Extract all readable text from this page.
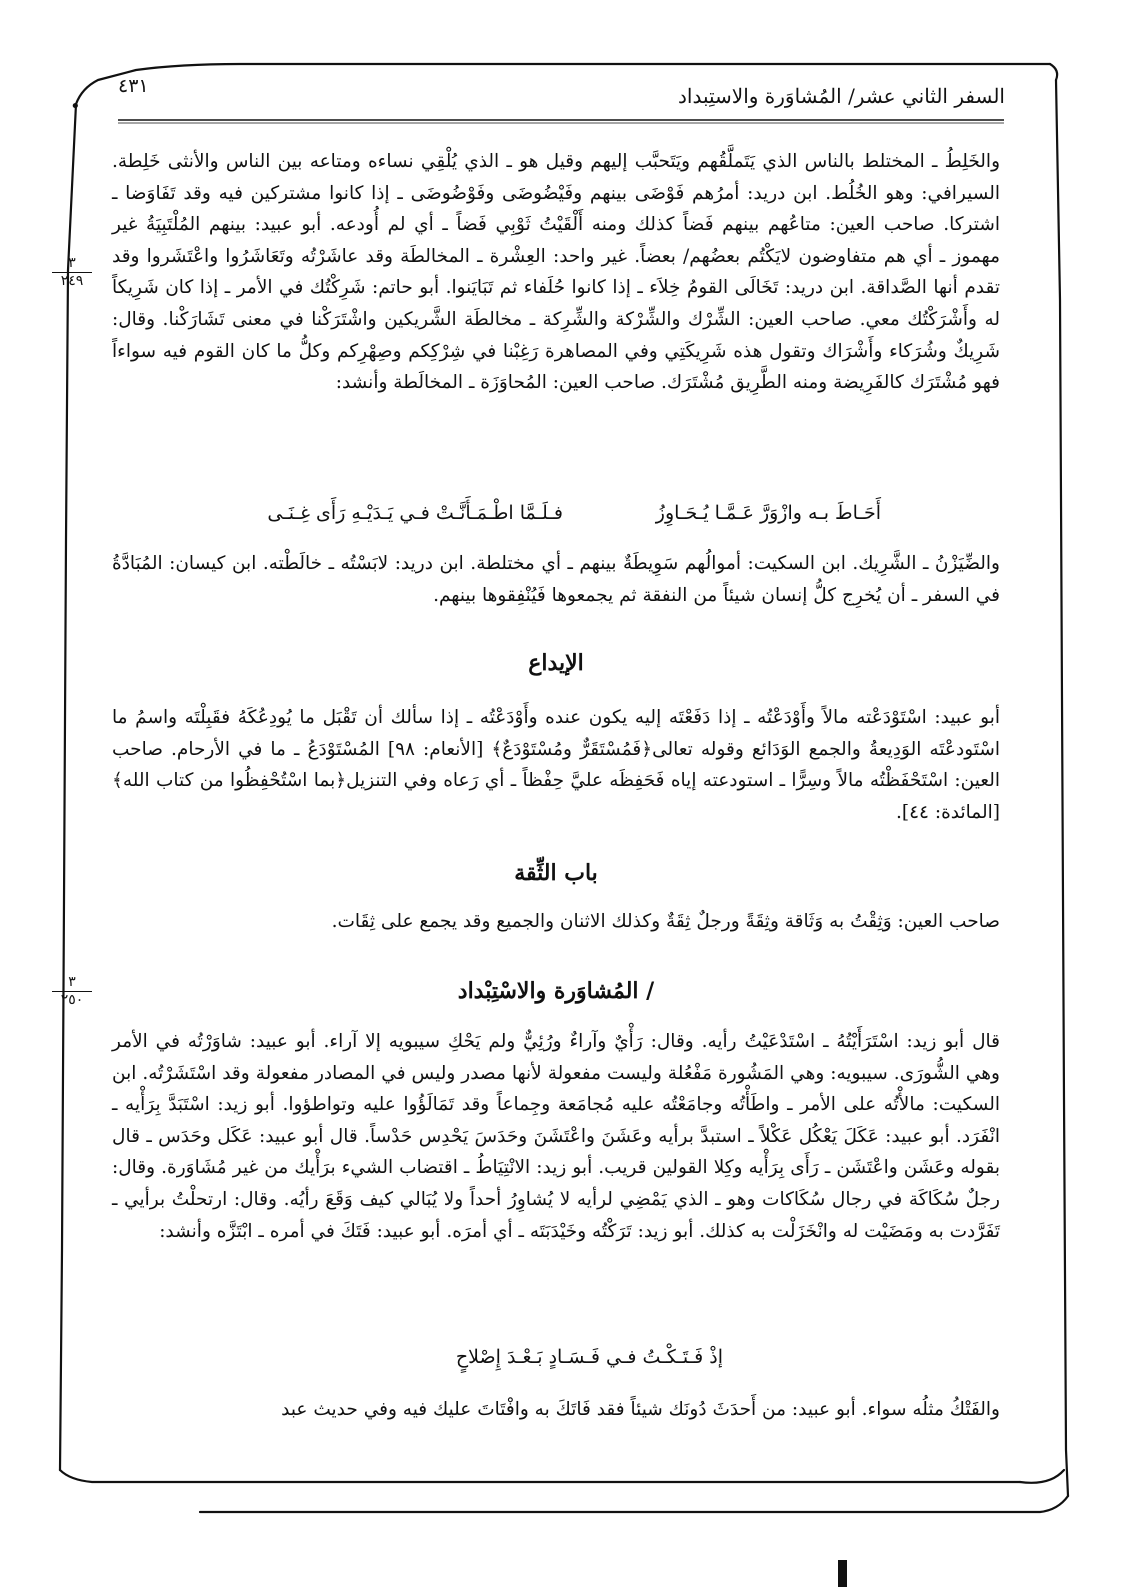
•
٤٣١	السفر الثاني عشر/ المُشاوَرة والاستِبداد
٣
٢٤٩
٣
٢٥٠

والخَلِطُ ـ المختلط بالناس الذي يَتَملَّقُهم ويَتَحبَّب إليهم وقيل هو ـ الذي يُلْقِي نساءه ومتاعه بين الناس والأنثى خَلِطة. السيرافي: وهو الخُلُط. ابن دريد: أمرُهم فَوْضَى بينهم وفَيْضُوضَى وفَوْضُوضَى ـ إذا كانوا مشتركين فيه وقد تَفَاوَضا ـ اشتركا. صاحب العين: متاعُهم بينهم فَضاً كذلك ومنه أَلْقَيْتُ ثَوْبِي فَضاً ـ أي لم أُودعه. أبو عبيد: بينهم المُلْتَبِيَةُ غير مهموز ـ أي هم متفاوضون لايَكْتُم بعضُهم/ بعضاً. غير واحد: العِشْرة ـ المخالطَة وقد عاشَرْتُه وتَعَاشَرُوا واعْتَشَروا وقد تقدم أنها الصَّداقة. ابن دريد: تَخَالَى القومُ خِلاَء ـ إذا كانوا حُلَفاء ثم تَبَايَنوا. أبو حاتم: شَرِكْتُك في الأمر ـ إذا كان شَرِيكاً له وأَشْرَكْتُك معي. صاحب العين: الشِّرْك والشِّرْكة والشِّرِكة ـ مخالطَة الشَّريكين واشْتَرَكْنا في معنى تَشَارَكْنا. وقال: شَرِيكٌ وشُرَكاء وأَشْرَاك وتقول هذه شَرِيكَتِي وفي المصاهرة رَغِبْنا في شِرْكِكم وصِهْرِكم وكلُّ ما كان القوم فيه سواءاً فهو مُشْتَرَك كالفَرِيضة ومنه الطَّرِيق مُشْتَرَك. صاحب العين: المُحاوَزَة ـ المخالَطة وأنشد:

فـلَـمَّا اطْـمَـأَنَّـتْ فـي يَـدَيْـهِ رَأَى غِـنَـى	أَحَـاطَ بـه وازْوَرَّ عَـمَّـا يُـحَـاوِزُ

والضِّيَزْنُ ـ الشَّرِيك. ابن السكيت: أموالُهم سَوِيطَةٌ بينهم ـ أي مختلطة. ابن دريد: لابَسْتُه ـ خالَطْته. ابن كيسان: المُبَادَّةُ في السفر ـ أن يُخرِج كلُّ إنسان شيئاً من النفقة ثم يجمعوها فَيُنْفِقوها بينهم.

الإيداع

أبو عبيد: اسْتَوْدَعْته مالاً وأَوْدَعْتُه ـ إذا دَفَعْتَه إليه يكون عنده وأَوْدَعْتُه ـ إذا سألك أن تَقْبَل ما يُودِعُكَهُ فقَبِلْتَه واسمُ ما اسْتَودعْتَه الوَدِيعةُ والجمع الوَدَائع وقوله تعالى﴿فَمُسْتَقَرٌّ ومُسْتَوْدَعٌ﴾ [الأنعام: ٩٨] المُسْتَوْدَعُ ـ ما في الأرحام. صاحب العين: اسْتَحْفَظْتُه مالاً وسِرًّا ـ استودعته إياه فَحَفِظَه عليَّ حِفْظاً ـ أي رَعاه وفي التنزيل﴿بما اسْتُحْفِظُوا من كتاب الله﴾ [المائدة: ٤٤].

باب الثِّقة

صاحب العين: وَثِقْتُ به وَثَاقة وثِقَةً ورجلٌ ثِقَةٌ وكذلك الاثنان والجميع وقد يجمع على ثِقَات.

/ المُشاوَرة والاسْتِبْداد

قال أبو زيد: اسْتَرَأَيْتُهُ ـ اسْتَدْعَيْتُ رأيه. وقال: رَأْيٌ وآراءٌ ورُئِيٌّ ولم يَحْكِ سيبويه إلا آراء. أبو عبيد: شاوَرْتُه في الأمر وهي الشُّورَى. سيبويه: وهي المَشُورة مَفْعُلة وليست مفعولة لأنها مصدر وليس في المصادر مفعولة وقد اسْتَشَرْتُه. ابن السكيت: مالأْتُه على الأمر ـ واطَأْتُه وجامَعْتُه عليه مُجامَعة وجِماعاً وقد تَمَالَؤُوا عليه وتواطؤوا. أبو زيد: اسْتَبَدَّ بِرَأْيه ـ انْفَرَد. أبو عبيد: عَكَلَ يَعْكُل عَكْلاً ـ استبدَّ برأيه وعَشَنَ واعْتَشَنَ وحَدَسَ يَحْدِس حَدْساً. قال أبو عبيد: عَكَل وحَدَس ـ قال بقوله وعَشَن واعْتَشَن ـ رَأَى بِرَأْيه وكِلا القولين قريب. أبو زيد: الانْتِيَاطُ ـ اقتضاب الشيء برَأْيك من غير مُشَاوَرة. وقال: رجلٌ سُكَاكَة في رجال سُكَاكات وهو ـ الذي يَمْضِي لرأيه لا يُشاوِرُ أحداً ولا يُبَالي كيف وَقَعَ رأيُه. وقال: ارتحلْتُ برأيي ـ تَفَرَّدت به ومَضَيْت له وانْخَزَلْت به كذلك. أبو زيد: تَرَكْتُه وخَيْدَبَتَه ـ أي أمرَه. أبو عبيد: فَتَكَ في أمره ـ ابْتَزَّه وأنشد:

إذْ فَـتَـكْـتُ فـي فَـسَـادٍ بَـعْـدَ إِصْلاحٍ

والفَتْكُ مثلُه سواء. أبو عبيد: من أَحدَثَ دُونَك شيئاً فقد فَاتَكَ به وافْتَاتَ عليك فيه وفي حديث عبد
